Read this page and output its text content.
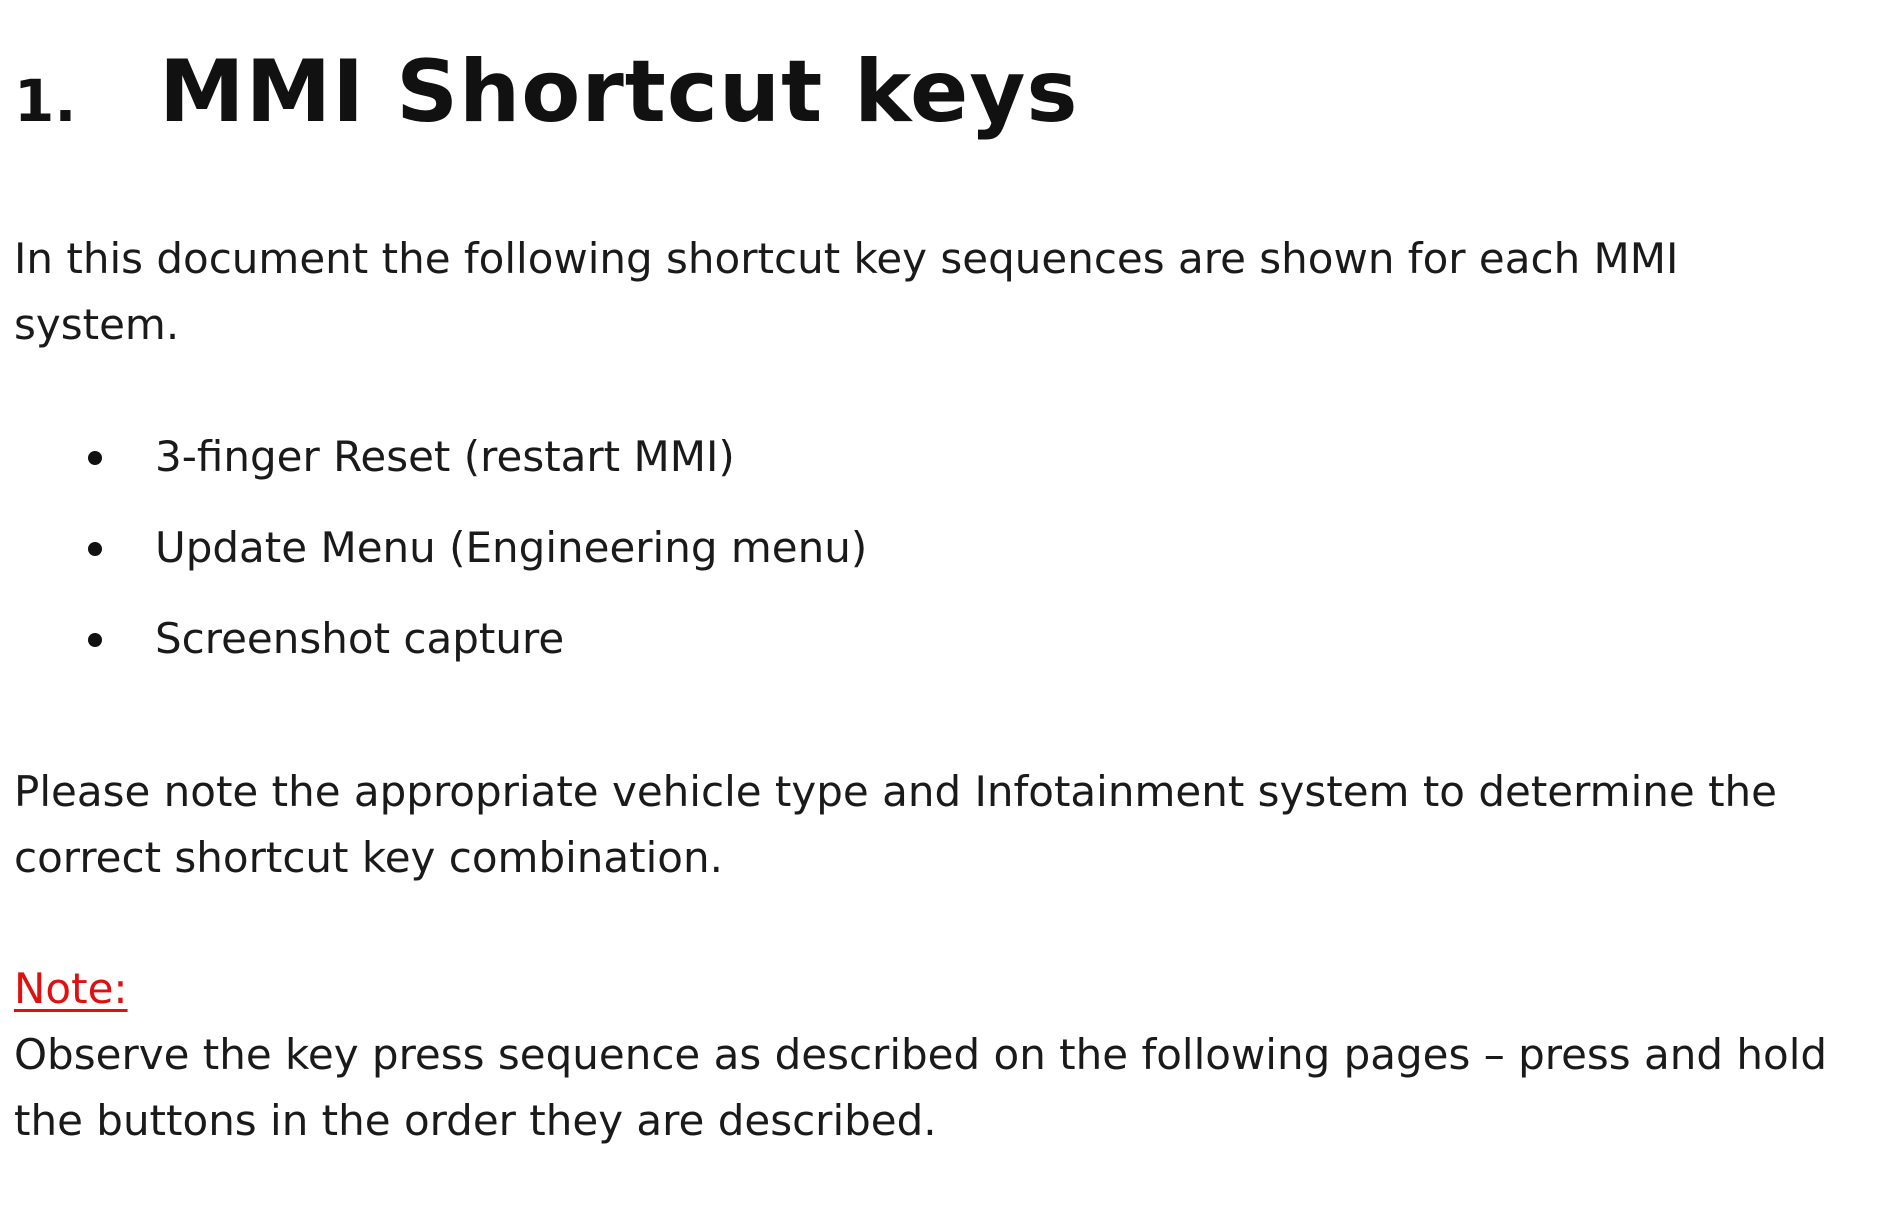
1. MMI Shortcut keys

In this document the following shortcut key sequences are shown for each MMI system.

3-finger Reset (restart MMI)
Update Menu (Engineering menu)
Screenshot capture

Please note the appropriate vehicle type and Infotainment system to determine the correct shortcut key combination.

Note:

Observe the key press sequence as described on the following pages – press and hold the buttons in the order they are described.
